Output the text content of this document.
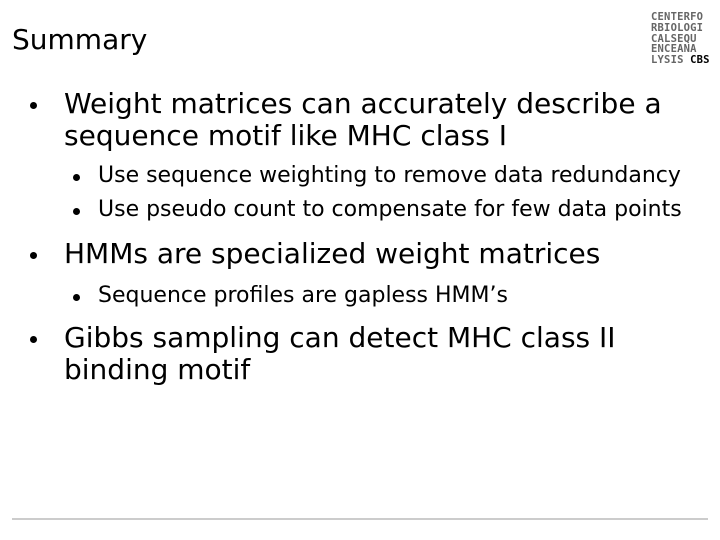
Summary
CENTERFO
RBIOLOGI
CALSEQU
ENCEANA
LYSIS CBS
Weight matrices can accurately describe a sequence motif like MHC class I
Use sequence weighting to remove data redundancy
Use pseudo count to compensate for few data points
HMMs are specialized weight matrices
Sequence profiles are gapless HMM’s
Gibbs sampling can detect MHC class II binding motif
